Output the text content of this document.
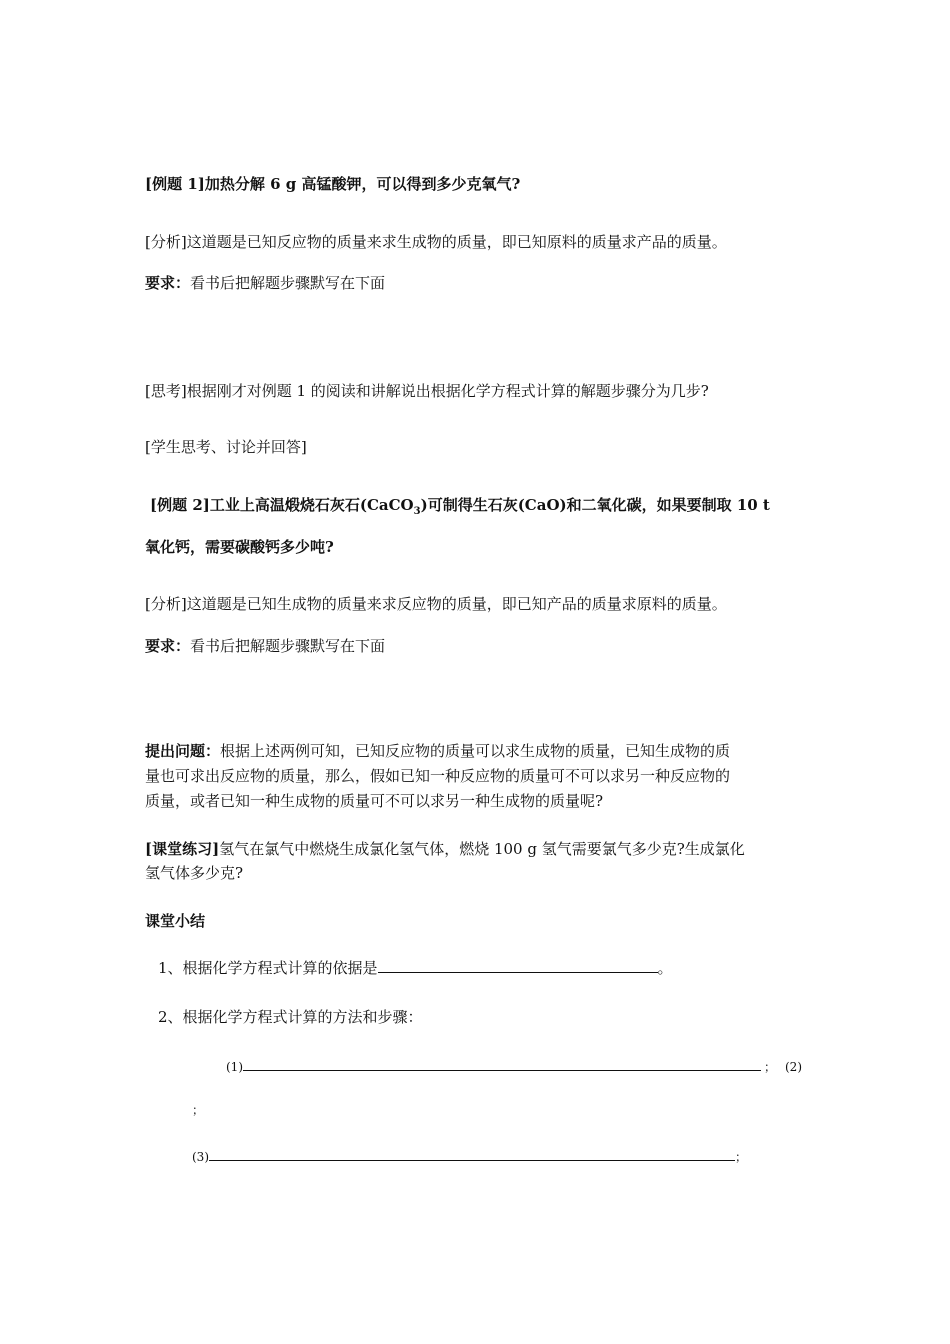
[例题 1]加热分解 6 g 高锰酸钾，可以得到多少克氧气?
[分析]这道题是已知反应物的质量来求生成物的质量，即已知原料的质量求产品的质量。
要求：看书后把解题步骤默写在下面
[思考]根据刚才对例题 1 的阅读和讲解说出根据化学方程式计算的解题步骤分为几步?
[学生思考、讨论并回答]
[例题 2]工业上高温煅烧石灰石(CaCO$_3$)可制得生石灰(CaO)和二氧化碳，如果要制取 10 t
氧化钙，需要碳酸钙多少吨?
[分析]这道题是已知生成物的质量来求反应物的质量，即已知产品的质量求原料的质量。
要求：看书后把解题步骤默写在下面
提出问题：根据上述两例可知，已知反应物的质量可以求生成物的质量，已知生成物的质
量也可求出反应物的质量，那么，假如已知一种反应物的质量可不可以求另一种反应物的
质量，或者已知一种生成物的质量可不可以求另一种生成物的质量呢?
[课堂练习]氢气在氯气中燃烧生成氯化氢气体，燃烧 100 g 氢气需要氯气多少克?生成氯化
氢气体多少克?
课堂小结
1、根据化学方程式计算的依据是	。
2、根据化学方程式计算的方法和步骤：
(1)	； (2)
；
(3)	；
